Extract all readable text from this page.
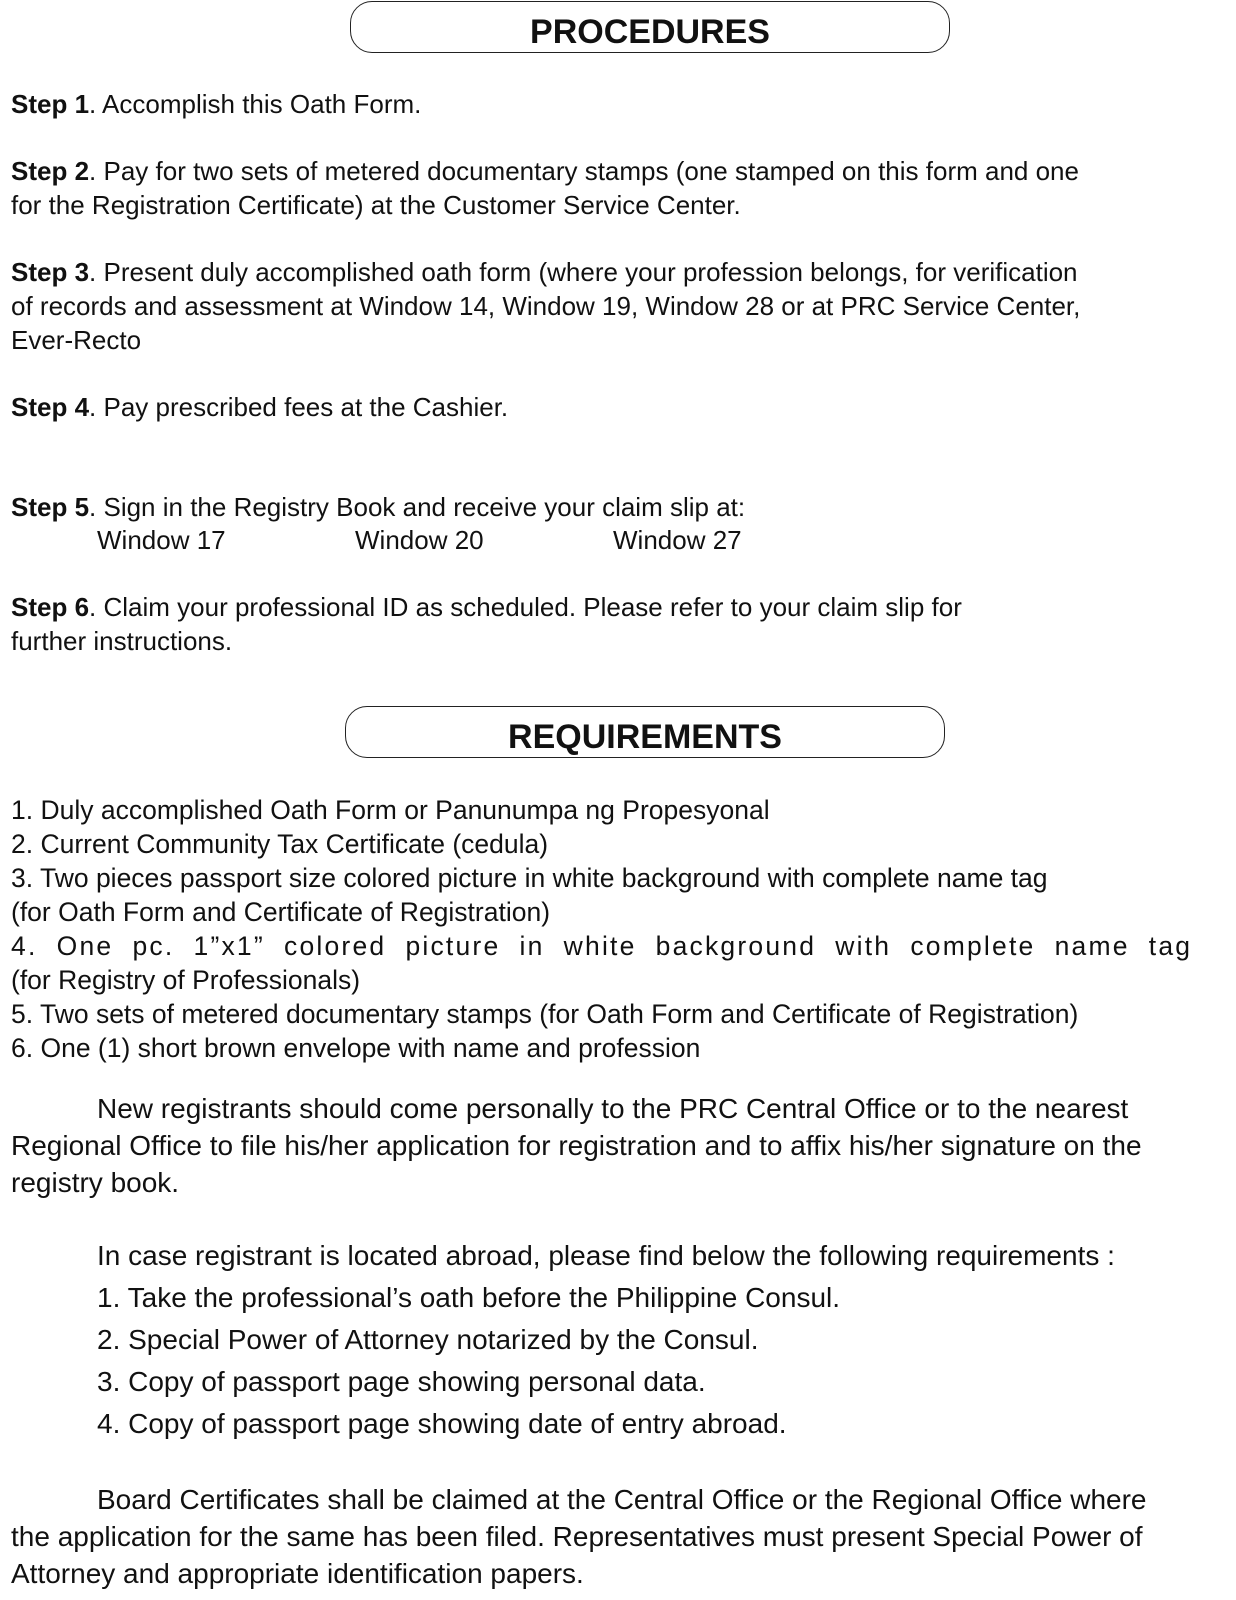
PROCEDURES

Step 1. Accomplish this Oath Form.

Step 2. Pay for two sets of metered documentary stamps (one stamped on this form and one

for the Registration Certificate) at the Customer Service Center.

Step 3. Present duly accomplished oath form (where your profession belongs, for verification

of records and assessment at Window 14, Window 19, Window 28 or at PRC Service Center,

Ever-Recto

Step 4. Pay prescribed fees at the Cashier.

Step 5. Sign in the Registry Book and receive your claim slip at:

Window 17	Window 20	Window 27

Step 6. Claim your professional ID as scheduled. Please refer to your claim slip for

further instructions.

REQUIREMENTS

1. Duly accomplished Oath Form or Panunumpa ng Propesyonal

2. Current Community Tax Certificate (cedula)

3. Two pieces passport size colored picture in white background with complete name tag

(for Oath Form and Certificate of Registration)

4.  One  pc.  1”x1”  colored  picture  in  white  background  with  complete  name  tag

(for Registry of Professionals)

5. Two sets of metered documentary stamps (for Oath Form and Certificate of Registration)

6. One (1) short brown envelope with name and profession

New registrants should come personally to the PRC Central Office or to the nearest

Regional Office to file his/her application for registration and to affix his/her signature on the

registry book.

In case registrant is located abroad, please find below the following requirements :

1. Take the professional’s oath before the Philippine Consul.

2. Special Power of Attorney notarized by the Consul.

3. Copy of passport page showing personal data.

4. Copy of passport page showing date of entry abroad.

Board Certificates shall be claimed at the Central Office or the Regional Office where

the application for the same has been filed. Representatives must present Special Power of

Attorney and appropriate identification papers.
